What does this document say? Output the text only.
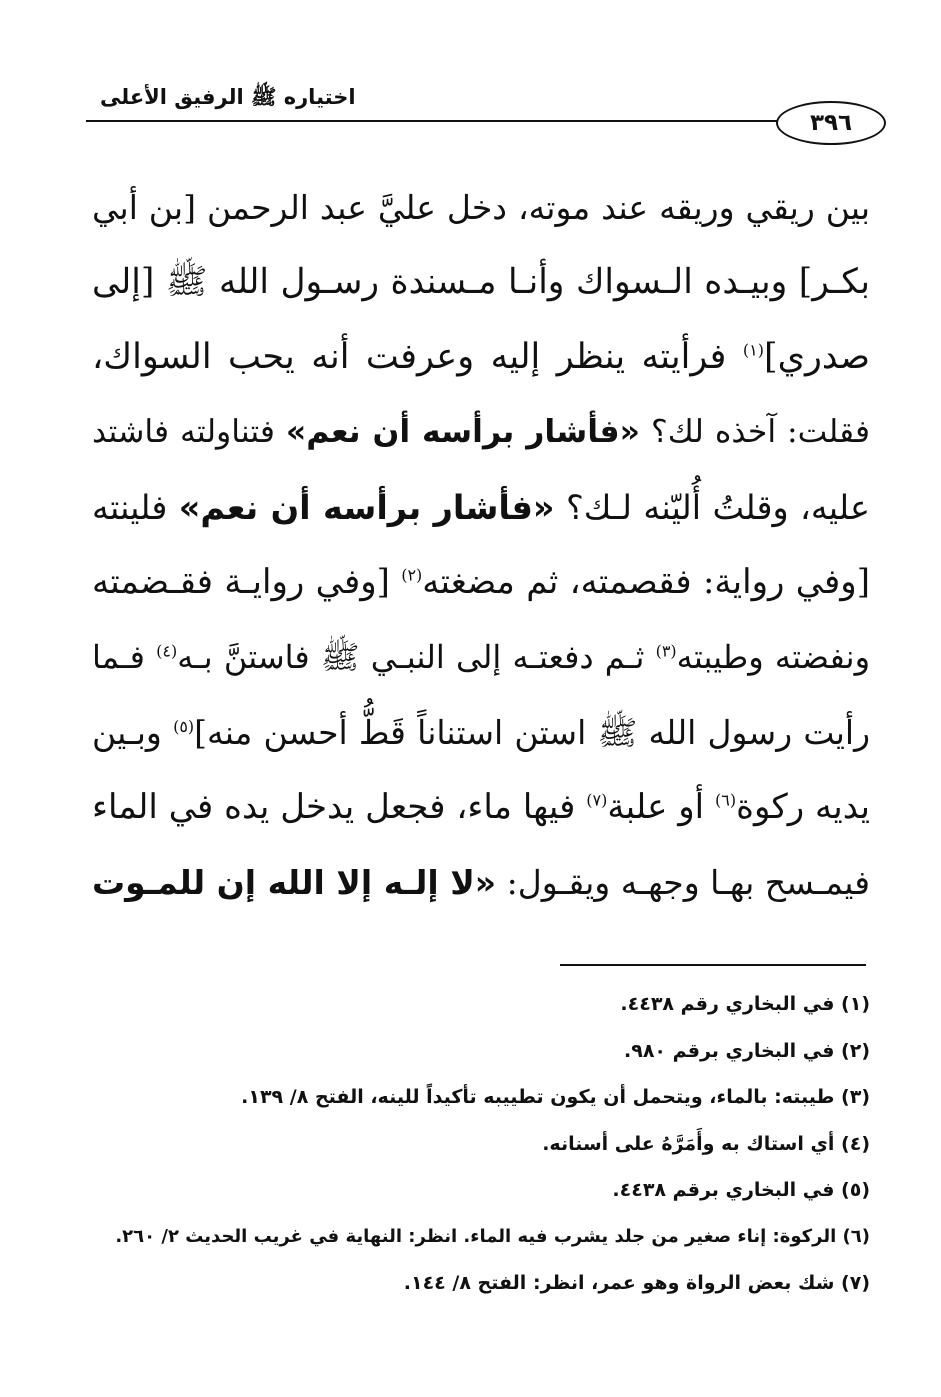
اختياره ﷺ الرفيق الأعلى
٣٩٦
بين ريقي وريقه عند موته، دخل عليَّ عبد الرحمن [بن أبي
بكـر] وبيـده الـسواك وأنـا مـسندة رسـول الله ﷺ [إلى
صدري]$^{(١)}$ فرأيته ينظر إليه وعرفت أنه يحب السواك،
فقلت: آخذه لك؟ «فأشار برأسه أن نعم» فتناولته فاشتد
عليه، وقلتُ أُليّنه لـك؟ «فأشار برأسه أن نعم» فلينته
[وفي رواية: فقصمته، ثم مضغته$^{(٢)}$ [وفي روايـة فقـضمته
ونفضته وطيبته$^{(٣)}$ ثـم دفعتـه إلى النبـي ﷺ فاستنَّ بـه$^{(٤)}$ فـما
رأيت رسول الله ﷺ استن استناناً قَطُّ أحسن منه]$^{(٥)}$ وبـين
يديه ركوة$^{(٦)}$ أو علبة$^{(٧)}$ فيها ماء، فجعل يدخل يده في الماء
فيمـسح بهـا وجهـه ويقـول: «لا إلـه إلا الله إن للمـوت
(١) في البخاري رقم ٤٤٣٨.
(٢) في البخاري برقم ٩٨٠.
(٣) طيبته: بالماء، ويتحمل أن يكون تطييبه تأكيداً للينه، الفتح ٨/ ١٣٩.
(٤) أي استاك به وأَمَرَّهُ على أسنانه.
(٥) في البخاري برقم ٤٤٣٨.
(٦) الركوة: إناء صغير من جلد يشرب فيه الماء. انظر: النهاية في غريب الحديث ٢/ ٢٦٠.
(٧) شك بعض الرواة وهو عمر، انظر: الفتح ٨/ ١٤٤.
